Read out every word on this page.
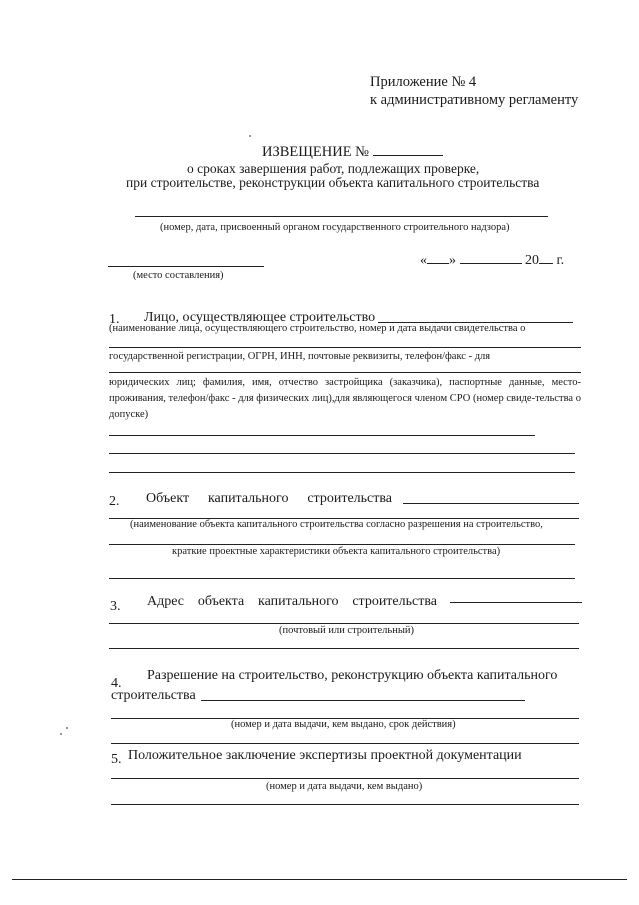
Приложение № 4
к административному регламенту
ИЗВЕЩЕНИЕ №
о сроках завершения работ, подлежащих проверке,
при строительстве, реконструкции объекта капитального строительства
(номер, дата, присвоенный органом государственного строительного надзора)
(место составления)
« »	20 г.
1. Лицо, осуществляющее строительство
(наименование лица, осуществляющего строительство, номер и дата выдачи свидетельства о
государственной регистрации, ОГРН, ИНН, почтовые реквизиты, телефон/факс - для
юридических лиц; фамилия, имя, отчество застройщика (заказчика), паспортные данные, место-проживания, телефон/факс - для физических лиц),для являющегося членом СРО (номер свиде-тельства о допуске)
2. Объект капитального строительства
(наименование объекта капитального строительства согласно разрешения на строительство,
краткие проектные характеристики объекта капитального строительства)
3. Адрес объекта капитального строительства
(почтовый или строительный)
4.
Разрешение на строительство, реконструкцию объекта капитального
строительства
(номер и дата выдачи, кем выдано, срок действия)
5. Положительное заключение экспертизы проектной документации
(номер и дата выдачи, кем выдано)
